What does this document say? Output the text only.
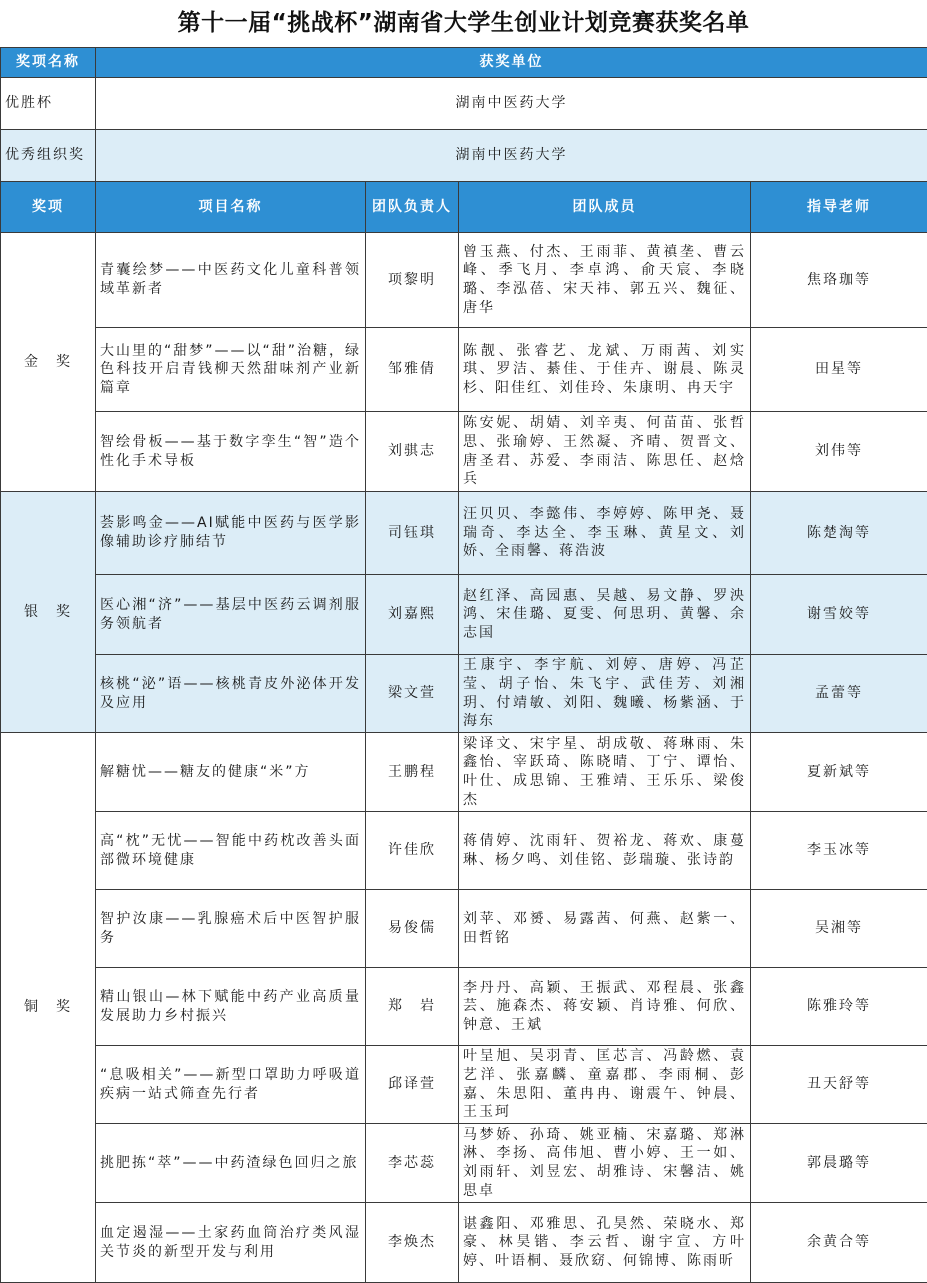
第十一届“挑战杯”湖南省大学生创业计划竞赛获奖名单
奖项名称	获奖单位			
优胜杯	湖南中医药大学			
优秀组织奖	湖南中医药大学			
奖项	项目名称	团队负责人	团队成员	指导老师

金　奖	青囊绘梦——中医药文化儿童科普领域革新者	项黎明	曾玉燕、付杰、王雨菲、黄禛垄、曹云峰、季飞月、李卓鸿、俞天宸、李晓璐、李泓蓓、宋天祎、郭五兴、魏征、唐华	焦珞珈等

	大山里的“甜梦”——以“甜”治糖，绿色科技开启青钱柳天然甜味剂产业新篇章	邹雅倩	陈靓、张睿艺、龙斌、万雨茜、刘实琪、罗洁、綦佳、于佳卉、谢晨、陈灵杉、阳佳红、刘佳玲、朱康明、冉天宇	田星等

	智绘骨板——基于数字孪生“智”造个性化手术导板	刘骐志	陈安妮、胡婧、刘辛夷、何苗苗、张哲思、张瑜婷、王然凝、齐晴、贺晋文、唐圣君、苏爱、李雨洁、陈思任、赵焓兵	刘伟等

银　奖	荟影鸣金——AI赋能中医药与医学影像辅助诊疗肺结节	司钰琪	汪贝贝、李懿伟、李婷婷、陈甲尧、聂瑞奇、李达全、李玉琳、黄星文、刘娇、全雨馨、蒋浩波	陈楚淘等

	医心湘“济”——基层中医药云调剂服务领航者	刘嘉熙	赵红泽、高园惠、吴越、易文静、罗泱鸿、宋佳璐、夏雯、何思玥、黄馨、余志国	谢雪姣等

	核桃“泌”语——核桃青皮外泌体开发及应用	梁文萱	王康宇、李宇航、刘婷、唐婷、冯芷莹、胡子怡、朱飞宇、武佳芳、刘湘玥、付靖敏、刘阳、魏曦、杨紫涵、于海东	孟蕾等

铜　奖	解糖忧——糖友的健康“米”方	王鹏程	梁译文、宋宇星、胡成敬、蒋琳雨、朱鑫怡、宰跃琦、陈晓晴、丁宁、谭怡、叶仕、成思锦、王雅靖、王乐乐、梁俊杰	夏新斌等

	高“枕”无忧——智能中药枕改善头面部微环境健康	许佳欣	蒋倩婷、沈雨轩、贺裕龙、蒋欢、康蔓琳、杨夕鸣、刘佳铭、彭瑞璇、张诗韵	李玉冰等

	智护汝康——乳腺癌术后中医智护服务	易俊儒	刘苹、邓赟、易露茜、何燕、赵紫一、田哲铭	吴湘等

	精山银山—林下赋能中药产业高质量发展助力乡村振兴	郑　岩	李丹丹、高颖、王振武、邓程晨、张鑫芸、施森杰、蒋安颖、肖诗雅、何欣、钟意、王斌	陈雅玲等

	“息吸相关”——新型口罩助力呼吸道疾病一站式筛查先行者	邱译萱	叶呈旭、吴羽青、匡芯言、冯龄燃、袁艺洋、张嘉麟、童嘉郡、李雨桐、彭嘉、朱思阳、董冉冉、谢震午、钟晨、王玉珂	丑天舒等

	挑肥拣“萃”——中药渣绿色回归之旅	李芯蕊	马梦娇、孙琦、姚亚楠、宋嘉璐、郑淋淋、李扬、高伟旭、曹小婷、王一如、刘雨轩、刘昱宏、胡雅诗、宋馨洁、姚思卓	郭晨璐等

	血定遏湿——土家药血筒治疗类风湿关节炎的新型开发与利用	李焕杰	谌鑫阳、邓雅思、孔昊然、荣晓水、郑豪、林昊锴、李云哲、谢宇宣、方叶婷、叶语桐、聂欣窈、何锦博、陈雨昕	余黄合等
